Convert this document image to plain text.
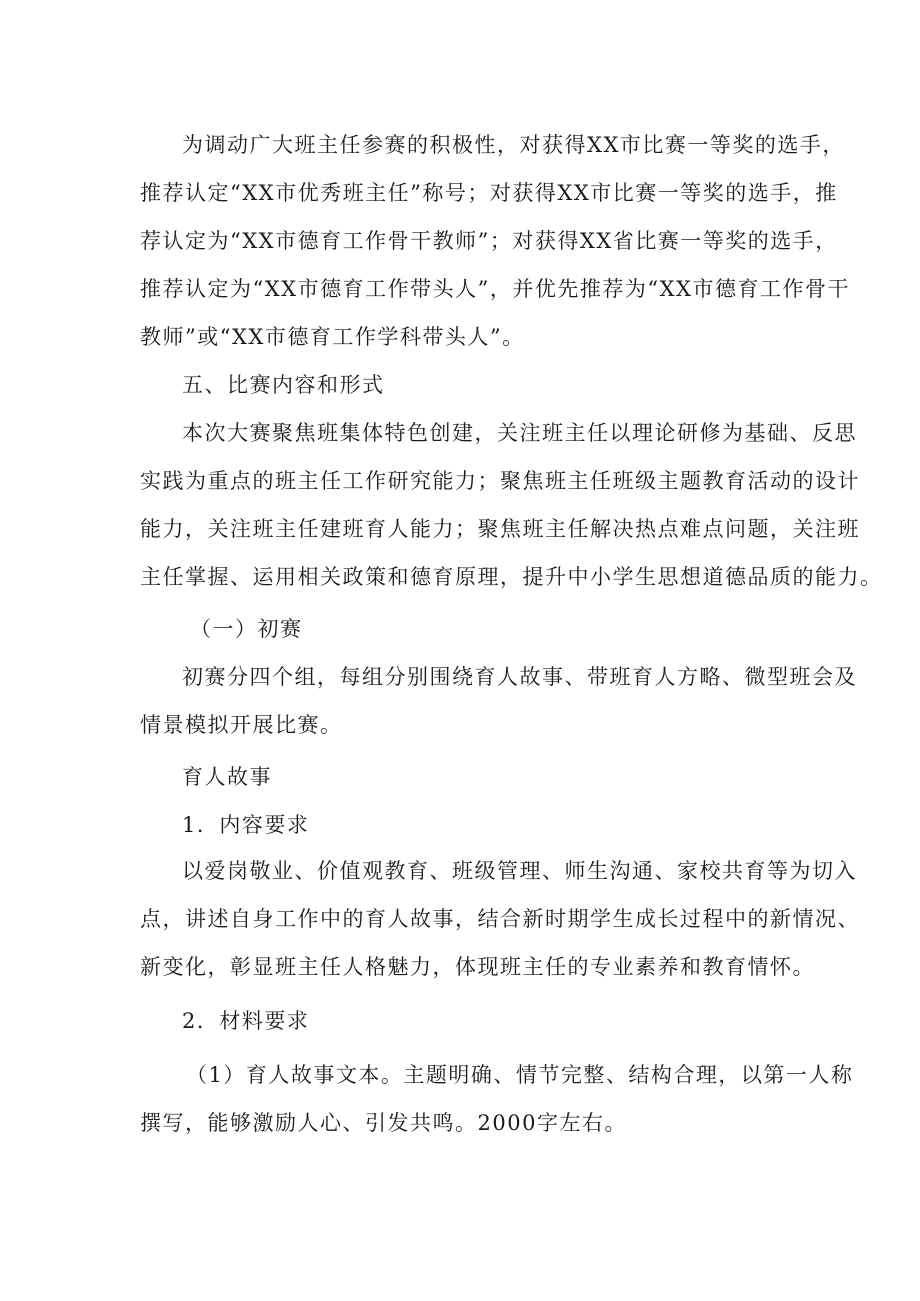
为调动广大班主任参赛的积极性，对获得XX市比赛一等奖的选手，
推荐认定“XX市优秀班主任”称号；对获得XX市比赛一等奖的选手，推
荐认定为“XX市德育工作骨干教师”；对获得XX省比赛一等奖的选手，
推荐认定为“XX市德育工作带头人”，并优先推荐为“XX市德育工作骨干
教师”或“XX市德育工作学科带头人”。
五、比赛内容和形式
本次大赛聚焦班集体特色创建，关注班主任以理论研修为基础、反思
实践为重点的班主任工作研究能力；聚焦班主任班级主题教育活动的设计
能力，关注班主任建班育人能力；聚焦班主任解决热点难点问题，关注班
主任掌握、运用相关政策和德育原理，提升中小学生思想道德品质的能力。
（一）初赛
初赛分四个组，每组分别围绕育人故事、带班育人方略、微型班会及
情景模拟开展比赛。
育人故事
1．内容要求
以爱岗敬业、价值观教育、班级管理、师生沟通、家校共育等为切入
点，讲述自身工作中的育人故事，结合新时期学生成长过程中的新情况、
新变化，彰显班主任人格魅力，体现班主任的专业素养和教育情怀。
2．材料要求
（1）育人故事文本。主题明确、情节完整、结构合理，以第一人称
撰写，能够激励人心、引发共鸣。2000字左右。
